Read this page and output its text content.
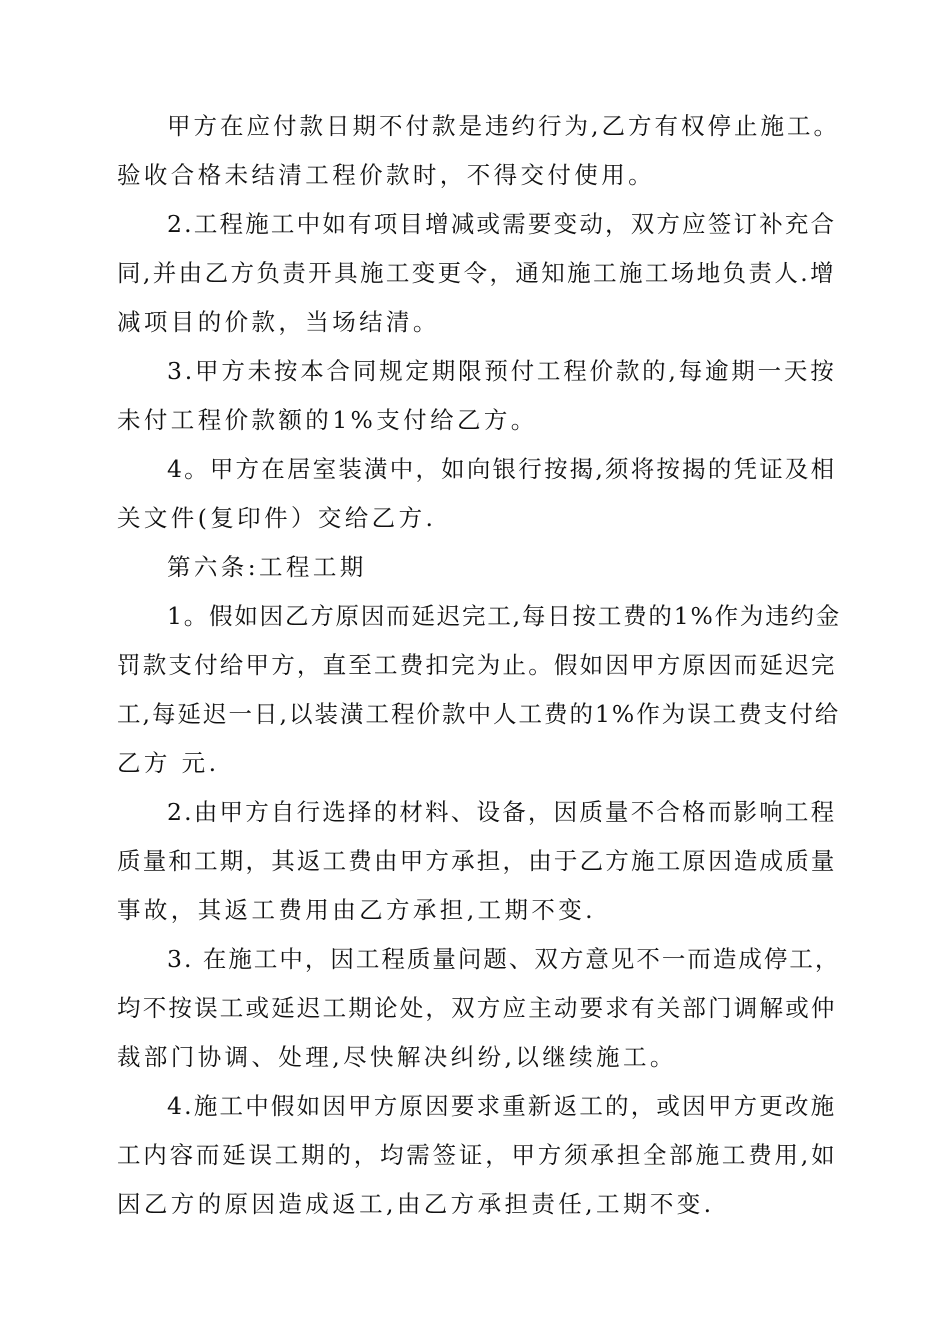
甲方在应付款日期不付款是违约行为,乙方有权停止施工。
验收合格未结清工程价款时，不得交付使用。
2.工程施工中如有项目增减或需要变动，双方应签订补充合
同,并由乙方负责开具施工变更令，通知施工施工场地负责人.增
减项目的价款，当场结清。
3.甲方未按本合同规定期限预付工程价款的,每逾期一天按
未付工程价款额的1%支付给乙方。
4。甲方在居室装潢中，如向银行按揭,须将按揭的凭证及相
关文件(复印件）交给乙方.
第六条:工程工期
1。假如因乙方原因而延迟完工,每日按工费的1%作为违约金
罚款支付给甲方，直至工费扣完为止。假如因甲方原因而延迟完
工,每延迟一日,以装潢工程价款中人工费的1%作为误工费支付给
乙方 元.
2.由甲方自行选择的材料、设备，因质量不合格而影响工程
质量和工期，其返工费由甲方承担，由于乙方施工原因造成质量
事故，其返工费用由乙方承担,工期不变.
3. 在施工中，因工程质量问题、双方意见不一而造成停工，
均不按误工或延迟工期论处，双方应主动要求有关部门调解或仲
裁部门协调、处理,尽快解决纠纷,以继续施工。
4.施工中假如因甲方原因要求重新返工的，或因甲方更改施
工内容而延误工期的，均需签证，甲方须承担全部施工费用,如
因乙方的原因造成返工,由乙方承担责任,工期不变.
